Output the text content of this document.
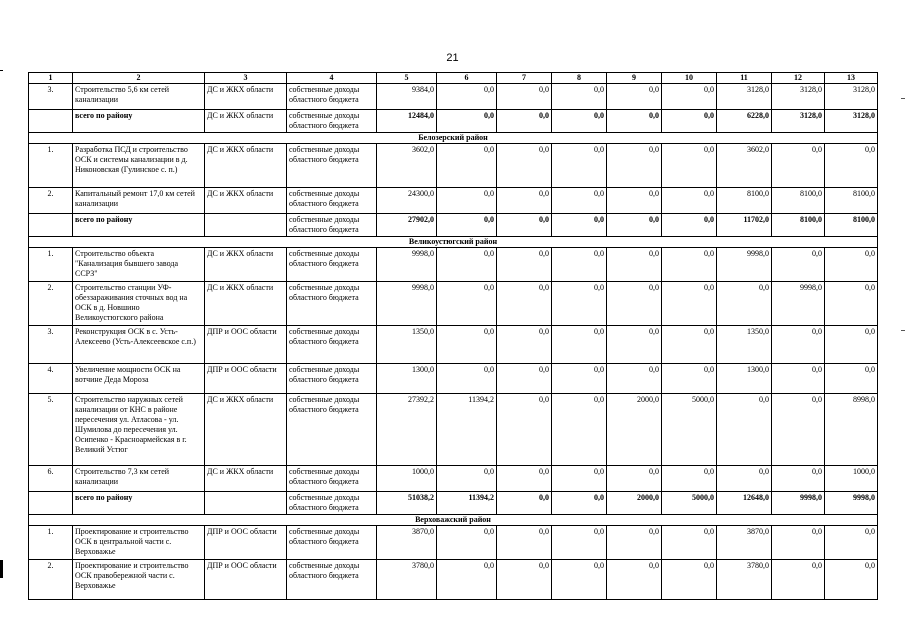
21
1	2	3	4	5	6	7	8	9	10	11	12	13
3.	Строительство 5,6 км сетей канализации	ДС и ЖКХ области	собственные доходы областного бюджета	9384,0	0,0	0,0	0,0	0,0	0,0	3128,0	3128,0	3128,0
	всего по району	ДС и ЖКХ области	собственные доходы областного бюджета	12484,0	0,0	0,0	0,0	0,0	0,0	6228,0	3128,0	3128,0
Белозерский район												
1.	Разработка ПСД и строительство ОСК и системы канализации в д. Никоновская (Гулинское с. п.)	ДС и ЖКХ области	собственные доходы областного бюджета	3602,0	0,0	0,0	0,0	0,0	0,0	3602,0	0,0	0,0
2.	Капитальный ремонт 17,0 км сетей канализации	ДС и ЖКХ области	собственные доходы областного бюджета	24300,0	0,0	0,0	0,0	0,0	0,0	8100,0	8100,0	8100,0
	всего по району		собственные доходы областного бюджета	27902,0	0,0	0,0	0,0	0,0	0,0	11702,0	8100,0	8100,0
Великоустюгский район												
1.	Строительство объекта "Канализация бывшего завода ССРЗ"	ДС и ЖКХ области	собственные доходы областного бюджета	9998,0	0,0	0,0	0,0	0,0	0,0	9998,0	0,0	0,0
2.	Строительство станции УФ-обеззараживания сточных вод на ОСК в д. Новшино Великоустюгского района	ДС и ЖКХ области	собственные доходы областного бюджета	9998,0	0,0	0,0	0,0	0,0	0,0	0,0	9998,0	0,0
3.	Реконструкция ОСК в с. Усть-Алексеево (Усть-Алексеевское с.п.)	ДПР и ООС области	собственные доходы областного бюджета	1350,0	0,0	0,0	0,0	0,0	0,0	1350,0	0,0	0,0
4.	Увеличение мощности ОСК на вотчине Деда Мороза	ДПР и ООС области	собственные доходы областного бюджета	1300,0	0,0	0,0	0,0	0,0	0,0	1300,0	0,0	0,0
5.	Строительство наружных сетей канализации от КНС в районе пересечения ул. Атласова - ул. Шумилова до пересечения ул. Осипенко - Красноармейская в г. Великий Устюг	ДС и ЖКХ области	собственные доходы областного бюджета	27392,2	11394,2	0,0	0,0	2000,0	5000,0	0,0	0,0	8998,0
6.	Строительство 7,3 км сетей канализации	ДС и ЖКХ области	собственные доходы областного бюджета	1000,0	0,0	0,0	0,0	0,0	0,0	0,0	0,0	1000,0
	всего по району		собственные доходы областного бюджета	51038,2	11394,2	0,0	0,0	2000,0	5000,0	12648,0	9998,0	9998,0
Верховажский район												
1.	Проектирование и строительство ОСК в центральной части с. Верховажье	ДПР и ООС области	собственные доходы областного бюджета	3870,0	0,0	0,0	0,0	0,0	0,0	3870,0	0,0	0,0
2.	Проектирование и строительство ОСК правобережной части с. Верховажье	ДПР и ООС области	собственные доходы областного бюджета	3780,0	0,0	0,0	0,0	0,0	0,0	3780,0	0,0	0,0
